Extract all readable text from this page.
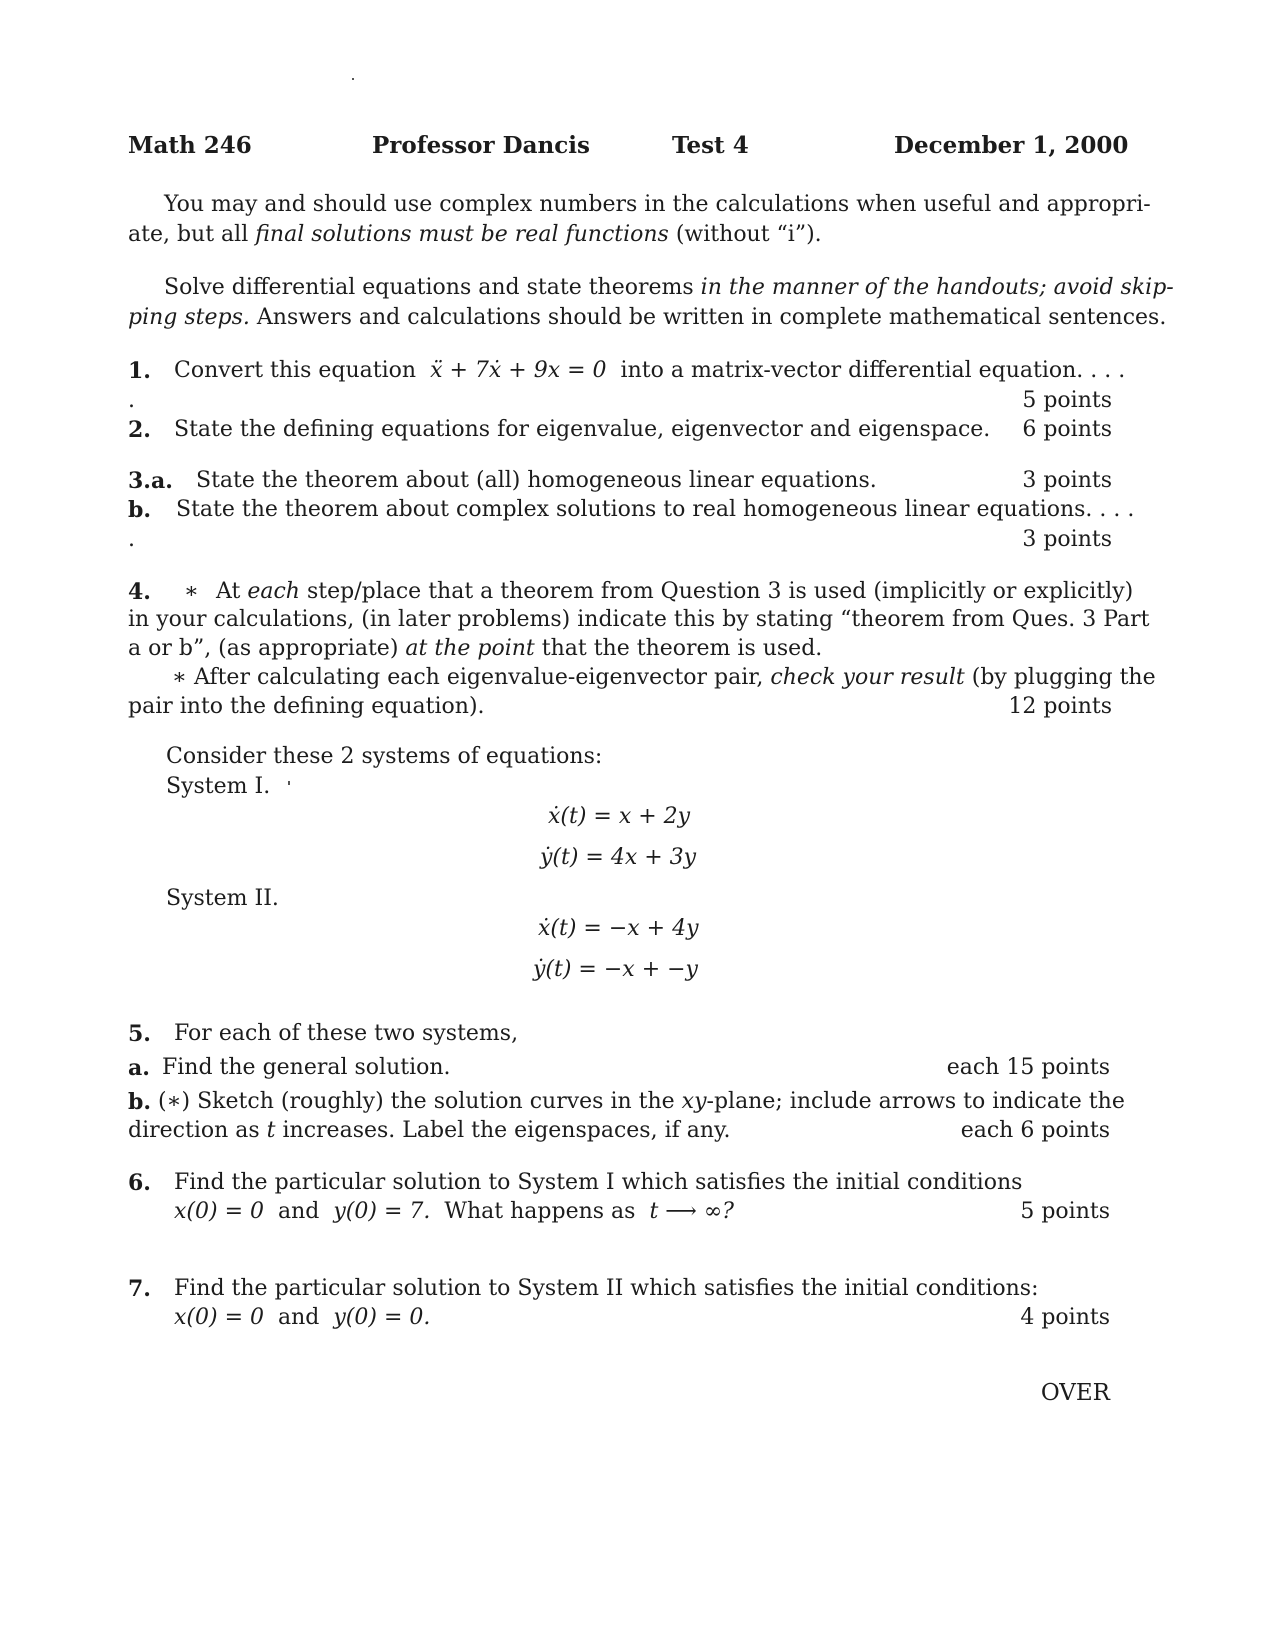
Math 246	Professor Dancis	Test 4	December 1, 2000
You may and should use complex numbers in the calculations when useful and appropri-
ate, but all final solutions must be real functions (without “i”).
Solve differential equations and state theorems in the manner of the handouts; avoid skip-
ping steps. Answers and calculations should be written in complete mathematical sentences.
1. Convert this equation ẍ + 7ẋ + 9x = 0 into a matrix-vector differential equation. . . .
.	5 points
2. State the defining equations for eigenvalue, eigenvector and eigenspace.	6 points
3.a. State the theorem about (all) homogeneous linear equations.	3 points
b. State the theorem about complex solutions to real homogeneous linear equations. . . .
.	3 points
4. ∗ At each step/place that a theorem from Question 3 is used (implicitly or explicitly)
in your calculations, (in later problems) indicate this by stating “theorem from Ques. 3 Part
a or b”, (as appropriate) at the point that the theorem is used.
∗ After calculating each eigenvalue-eigenvector pair, check your result (by plugging the
pair into the defining equation).	12 points
Consider these 2 systems of equations:
System I.
ẋ(t) = x + 2y
ẏ(t) = 4x + 3y
System II.
ẋ(t) = −x + 4y
ẏ(t) = −x + −y
5. For each of these two systems,
a. Find the general solution.	each 15 points
b. (∗) Sketch (roughly) the solution curves in the xy-plane; include arrows to indicate the
direction as t increases. Label the eigenspaces, if any.	each 6 points
6. Find the particular solution to System I which satisfies the initial conditions
x(0) = 0 and y(0) = 7. What happens as t ⟶ ∞?	5 points
7. Find the particular solution to System II which satisfies the initial conditions:
x(0) = 0 and y(0) = 0.	4 points
OVER
